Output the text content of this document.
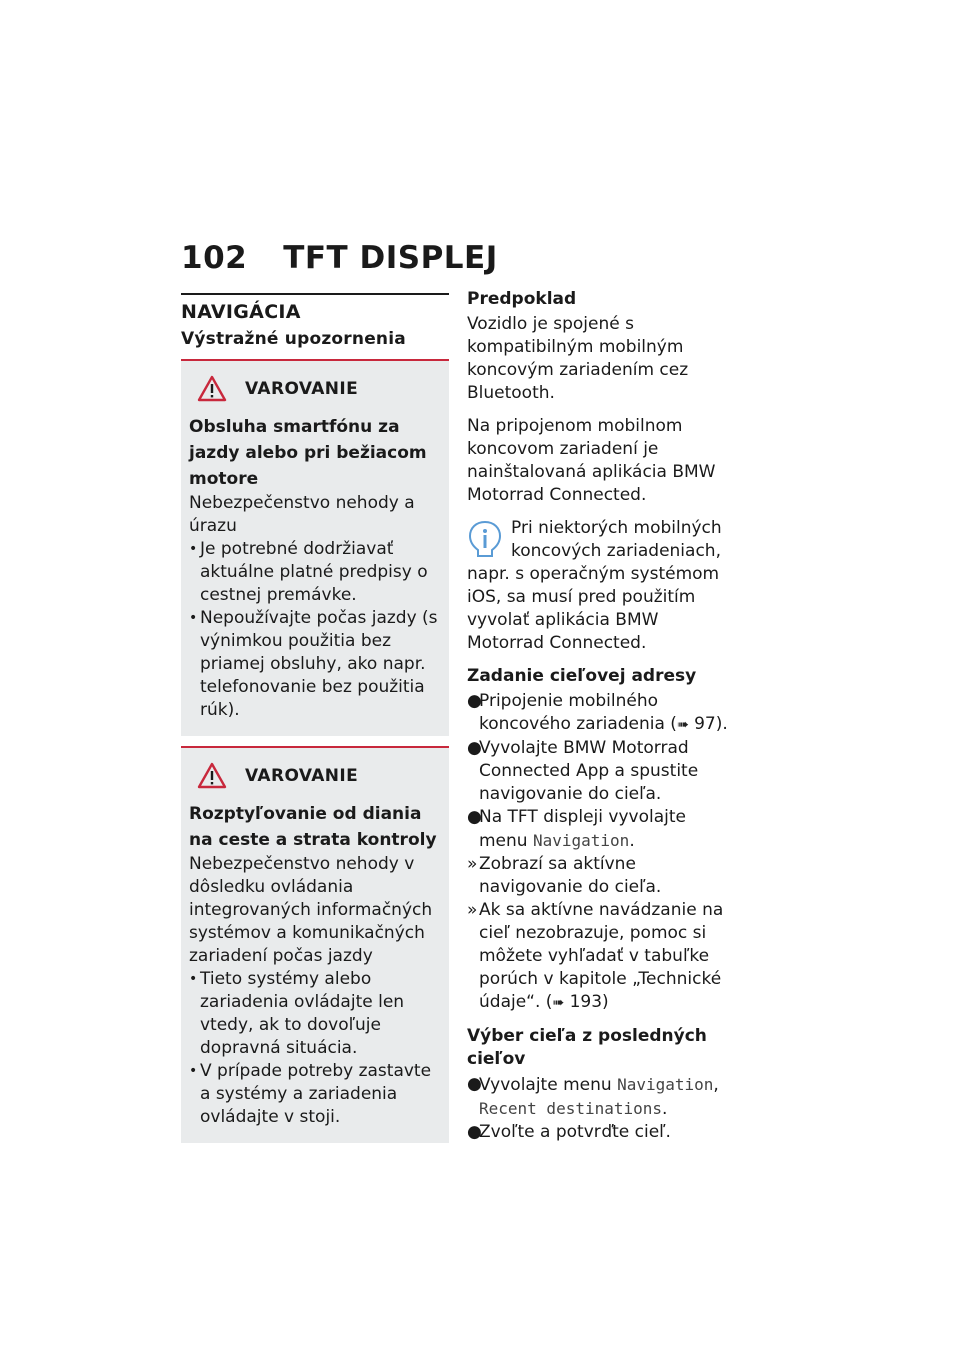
102 TFT DISPLEJ
NAVIGÁCIA
Výstražné upozornenia
VAROVANIE
Obsluha smartfónu za jazdy alebo pri bežiacom motore
Nebezpečenstvo nehody a úrazu
• Je potrebné dodržiavať aktuálne platné predpisy o cestnej premávke.
• Nepoužívajte počas jazdy (s výnimkou použitia bez priamej obsluhy, ako napr. telefonovanie bez použitia rúk).
VAROVANIE
Rozptyľovanie od diania na ceste a strata kontroly
Nebezpečenstvo nehody v dôsledku ovládania integrovaných informačných systémov a komunikačných zariadení počas jazdy
• Tieto systémy alebo zariadenia ovládajte len vtedy, ak to dovoľuje dopravná situácia.
• V prípade potreby zastavte a systémy a zariadenia ovládajte v stoji.
Predpoklad

Vozidlo je spojené s kompatibilným mobilným koncovým zariadením cez Bluetooth.

Na pripojenom mobilnom koncovom zariadení je nainštalovaná aplikácia BMW Motorrad Connected.

Pri niektorých mobilných koncových zariadeniach, napr. s operačným systémom iOS, sa musí pred použitím vyvolať aplikácia BMW Motorrad Connected.

Zadanie cieľovej adresy
●
Pripojenie mobilného koncového zariadenia (➠ 97).
●
Vyvolajte BMW Motorrad Connected App a spustite navigovanie do cieľa.
●
Na TFT displeji vyvolajte menu Navigation.
» Zobrazí sa aktívne navigovanie do cieľa.
» Ak sa aktívne navádzanie na cieľ nezobrazuje, pomoc si môžete vyhľadať v tabuľke porúch v kapitole „Technické údaje“. (➠ 193)
Výber cieľa z posledných cieľov
●
Vyvolajte menu Navigation, Recent destinations.
●
Zvoľte a potvrďte cieľ.
